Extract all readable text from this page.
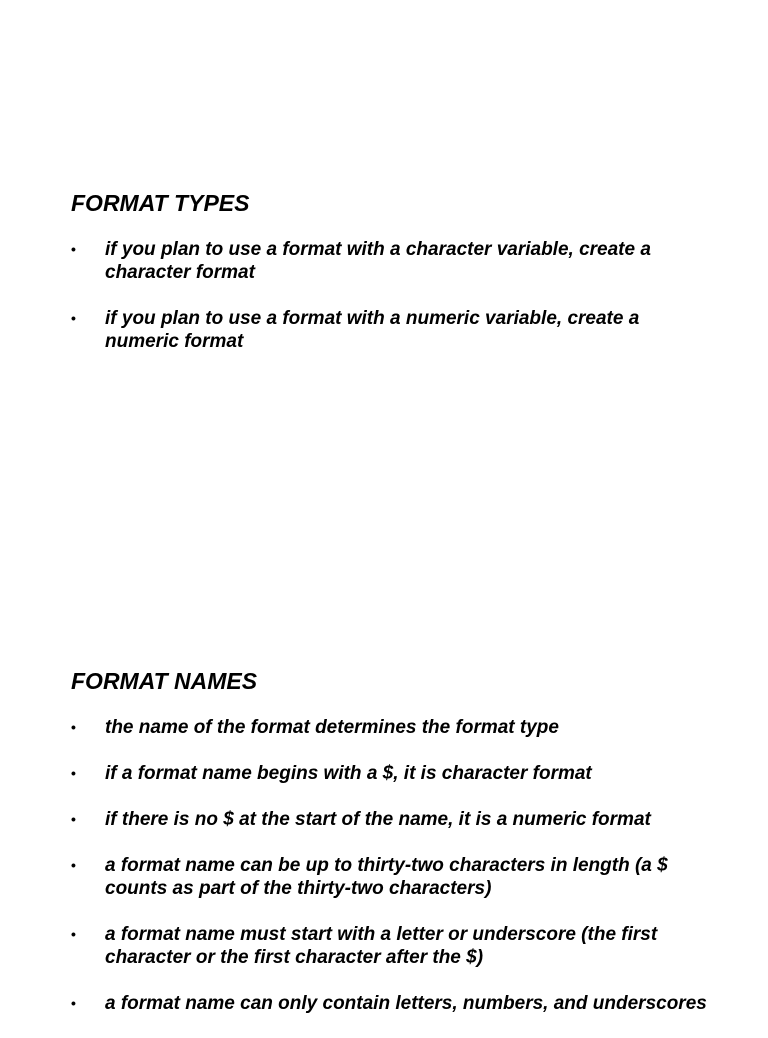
FORMAT TYPES
• if you plan to use a format with a character variable, create a character format
• if you plan to use a format with a numeric variable, create a numeric format
FORMAT NAMES
• the name of the format determines the format type
• if a format name begins with a $, it is character format
• if there is no $ at the start of the name, it is a numeric format
• a format name can be up to thirty-two characters in length (a $ counts as part of the thirty-two characters)
• a format name must start with a letter or underscore (the first character or the first character after the $)
• a format name can only contain letters, numbers, and underscores
